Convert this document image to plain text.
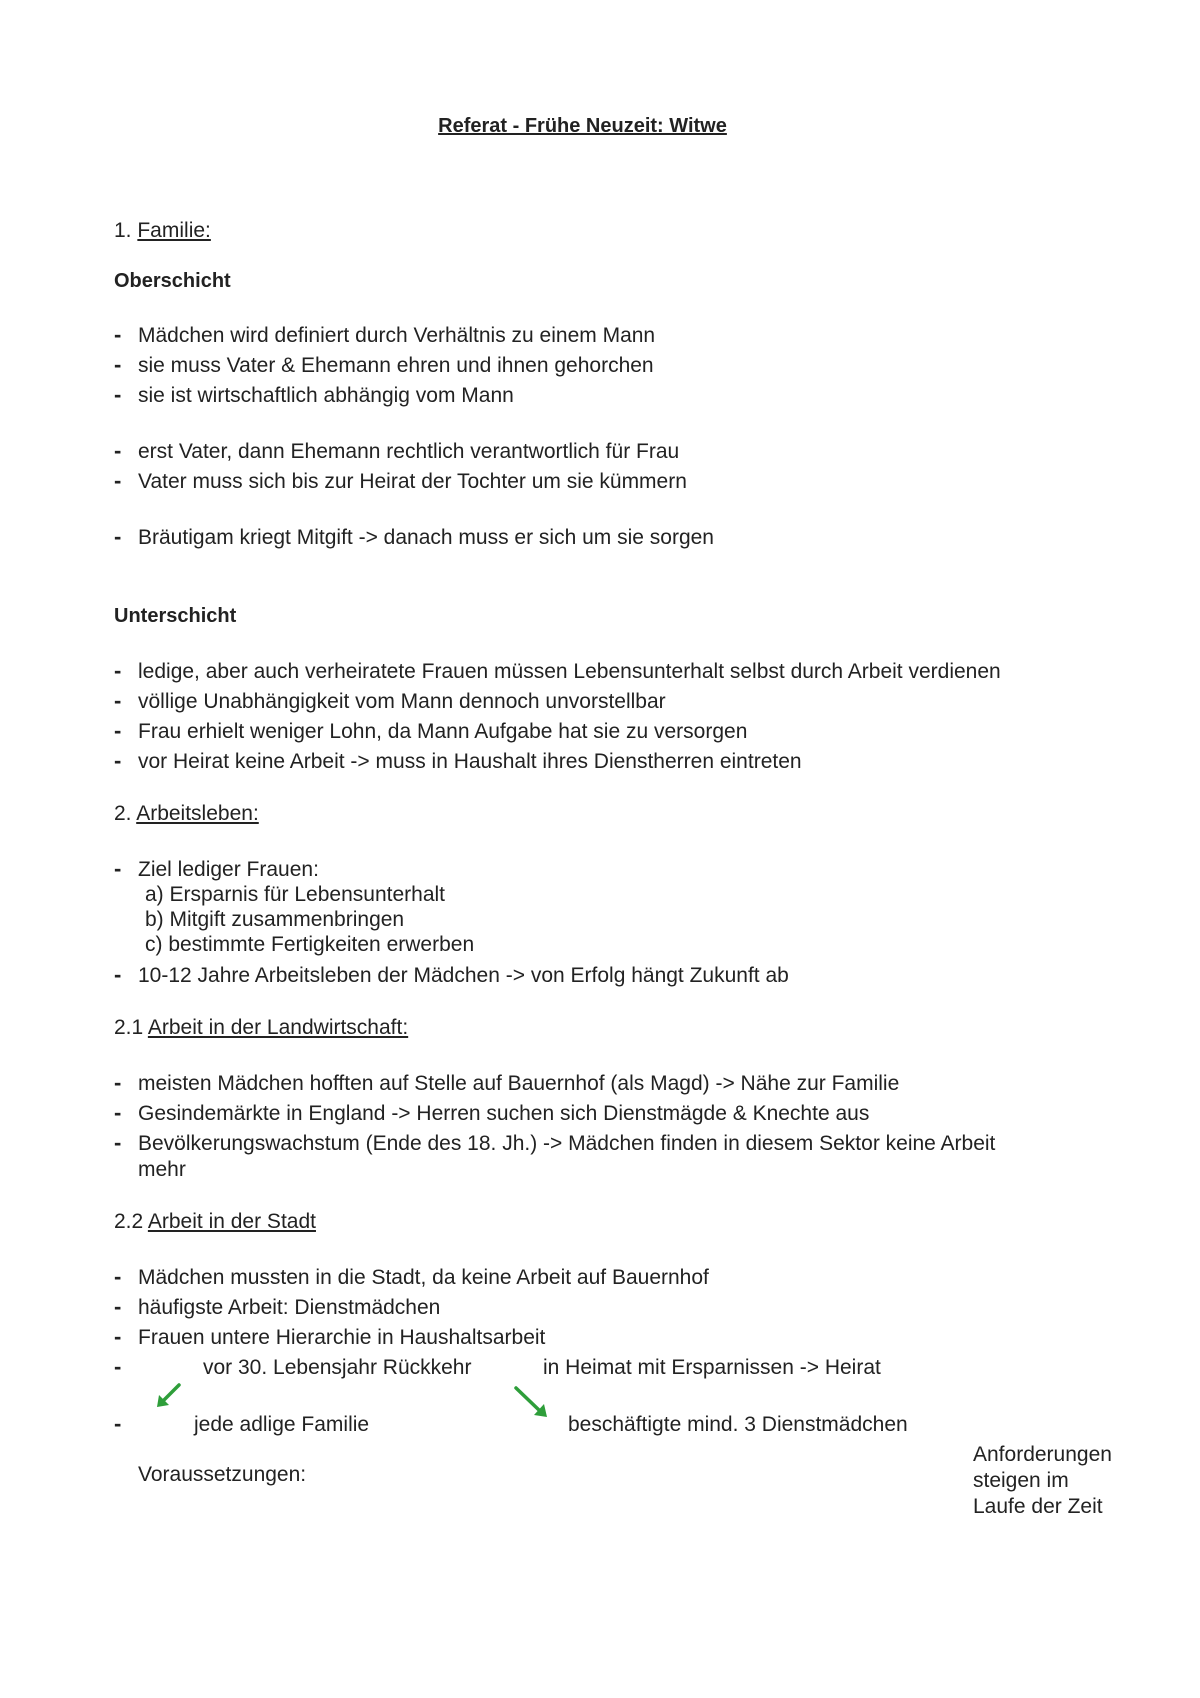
Referat - Frühe Neuzeit: Witwe
1. Familie:
Oberschicht
- Mädchen wird definiert durch Verhältnis zu einem Mann
- sie muss Vater & Ehemann ehren und ihnen gehorchen
- sie ist wirtschaftlich abhängig vom Mann
- erst Vater, dann Ehemann rechtlich verantwortlich für Frau
- Vater muss sich bis zur Heirat der Tochter um sie kümmern
- Bräutigam kriegt Mitgift -> danach muss er sich um sie sorgen
Unterschicht
- ledige, aber auch verheiratete Frauen müssen Lebensunterhalt selbst durch Arbeit verdienen
- völlige Unabhängigkeit vom Mann dennoch unvorstellbar
- Frau erhielt weniger Lohn, da Mann Aufgabe hat sie zu versorgen
- vor Heirat keine Arbeit -> muss in Haushalt ihres Dienstherren eintreten
2. Arbeitsleben:
- Ziel lediger Frauen:
a) Ersparnis für Lebensunterhalt
b) Mitgift zusammenbringen
c) bestimmte Fertigkeiten erwerben
- 10-12 Jahre Arbeitsleben der Mädchen -> von Erfolg hängt Zukunft ab
2.1 Arbeit in der Landwirtschaft:
- meisten Mädchen hofften auf Stelle auf Bauernhof (als Magd) -> Nähe zur Familie
- Gesindemärkte in England -> Herren suchen sich Dienstmägde & Knechte aus
- Bevölkerungswachstum (Ende des 18. Jh.) -> Mädchen finden in diesem Sektor keine Arbeit
mehr
2.2 Arbeit in der Stadt
- Mädchen mussten in die Stadt, da keine Arbeit auf Bauernhof
- häufigste Arbeit: Dienstmädchen
- Frauen untere Hierarchie in Haushaltsarbeit
-	vor 30. Lebensjahr Rückkehr	in Heimat mit Ersparnissen -> Heirat
-	jede adlige Familie	beschäftigte mind. 3 Dienstmädchen
Voraussetzungen:
Anforderungen
steigen im
Laufe der Zeit
